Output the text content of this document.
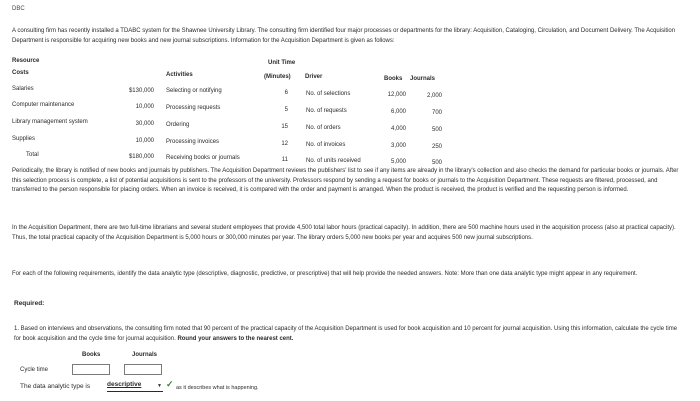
DBC
A consulting firm has recently installed a TDABC system for the Shawnee University Library. The consulting firm identified four major processes or departments for the library: Acquisition, Cataloging, Circulation, and Document Delivery. The Acquisition Department is responsible for acquiring new books and new journal subscriptions. Information for the Acquisition Department is given as follows:
Resource
Costs	Activities
Unit Time
(Minutes) Driver	Books Journals
Salaries	$130,000 Selecting or notifying	6	No. of selections	12,000	2,000
Computer maintenance	10,000 Processing requests	5	No. of requests	6,000	700
Library management system	30,000 Ordering	15	No. of orders	4,000	500
Supplies	10,000 Processing invoices	12	No. of invoices	3,000	250
Total	$180,000 Receiving books or journals	11	No. of units received	5,000	500
Periodically, the library is notified of new books and journals by publishers. The Acquisition Department reviews the publishers' list to see if any items are already in the library's collection and also checks the demand for particular books or journals. After this selection process is complete, a list of potential acquisitions is sent to the professors of the university. Professors respond by sending a request for books or journals to the Acquisition Department. These requests are filtered, processed, and transferred to the person responsible for placing orders. When an invoice is received, it is compared with the order and payment is arranged. When the product is received, the product is verified and the requesting person is informed.
In the Acquisition Department, there are two full-time librarians and several student employees that provide 4,500 total labor hours (practical capacity). In addition, there are 500 machine hours used in the acquisition process (also at practical capacity). Thus, the total practical capacity of the Acquisition Department is 5,000 hours or 300,000 minutes per year. The library orders 5,000 new books per year and acquires 500 new journal subscriptions.
For each of the following requirements, identify the data analytic type (descriptive, diagnostic, predictive, or prescriptive) that will help provide the needed answers. Note: More than one data analytic type might appear in any requirement.
Required:
1. Based on interviews and observations, the consulting firm noted that 90 percent of the practical capacity of the Acquisition Department is used for book acquisition and 10 percent for journal acquisition. Using this information, calculate the cycle time for book acquisition and the cycle time for journal acquisition. Round your answers to the nearest cent.
Books	Journals
Cycle time
The data analytic type is	descriptive	▼ ✓ as it describes what is happening.
